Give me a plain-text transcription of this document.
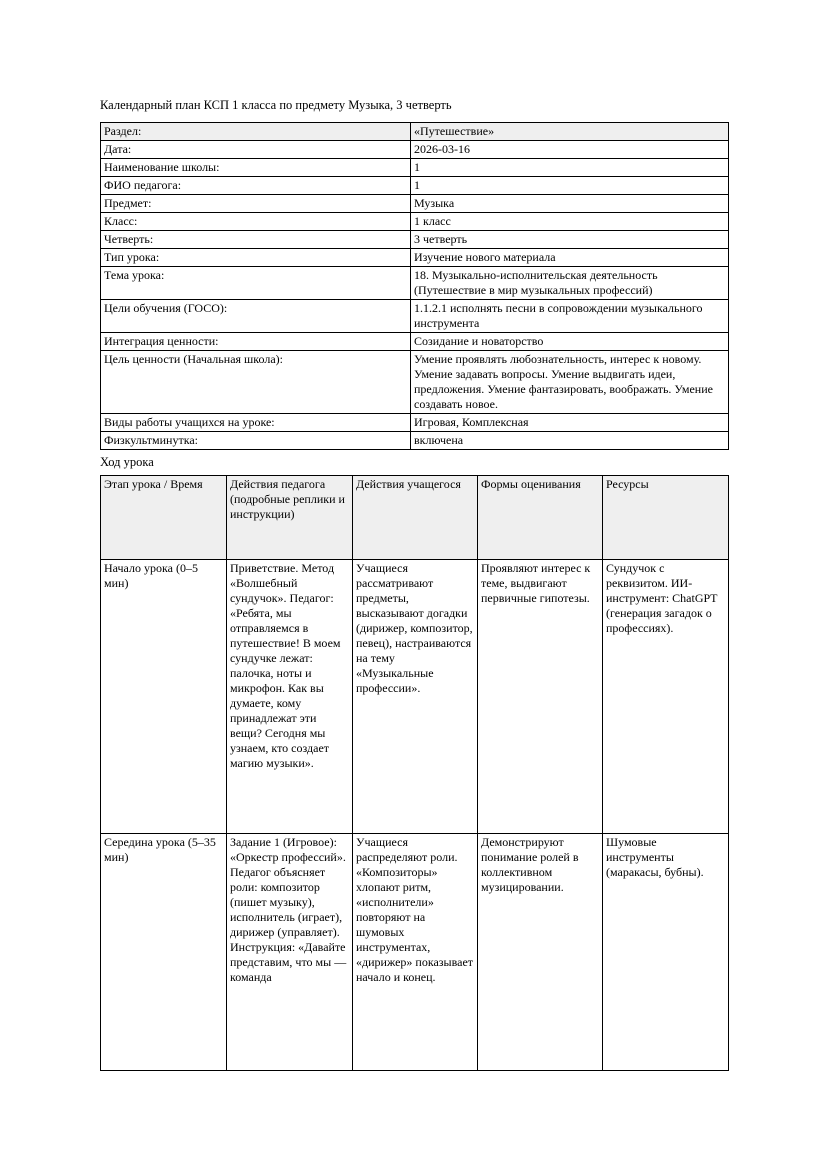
Календарный план КСП 1 класса по предмету Музыка, 3 четверть

Раздел:	«Путешествие»
Дата:	2026-03-16
Наименование школы:	1
ФИО педагога:	1
Предмет:	Музыка
Класс:	1 класс
Четверть:	3 четверть
Тип урока:	Изучение нового материала
Тема урока:	18. Музыкально-исполнительская деятельность (Путешествие в мир музыкальных профессий)
Цели обучения (ГОСО):	1.1.2.1 исполнять песни в сопровождении музыкального инструмента
Интеграция ценности:	Созидание и новаторство
Цель ценности (Начальная школа):	Умение проявлять любознательность, интерес к новому. Умение задавать вопросы. Умение выдвигать идеи, предложения. Умение фантазировать, воображать. Умение создавать новое.
Виды работы учащихся на уроке:	Игровая, Комплексная
Физкультминутка:	включена

Ход урока

Этап урока / Время	Действия педагога (подробные реплики и инструкции)	Действия учащегося	Формы оценивания	Ресурсы
Начало урока (0–5 мин)	Приветствие. Метод «Волшебный сундучок». Педагог: «Ребята, мы отправляемся в путешествие! В моем сундучке лежат: палочка, ноты и микрофон. Как вы думаете, кому принадлежат эти вещи? Сегодня мы узнаем, кто создает магию музыки».	Учащиеся рассматривают предметы, высказывают догадки (дирижер, композитор, певец), настраиваются на тему «Музыкальные профессии».	Проявляют интерес к теме, выдвигают первичные гипотезы.	Сундучок с реквизитом. ИИ-инструмент: ChatGPT (генерация загадок о профессиях).
Середина урока (5–35 мин)	Задание 1 (Игровое): «Оркестр профессий». Педагог объясняет роли: композитор (пишет музыку), исполнитель (играет), дирижер (управляет). Инструкция: «Давайте представим, что мы — команда	Учащиеся распределяют роли. «Композиторы» хлопают ритм, «исполнители» повторяют на шумовых инструментах, «дирижер» показывает начало и конец.	Демонстрируют понимание ролей в коллективном музицировании.	Шумовые инструменты (маракасы, бубны).
